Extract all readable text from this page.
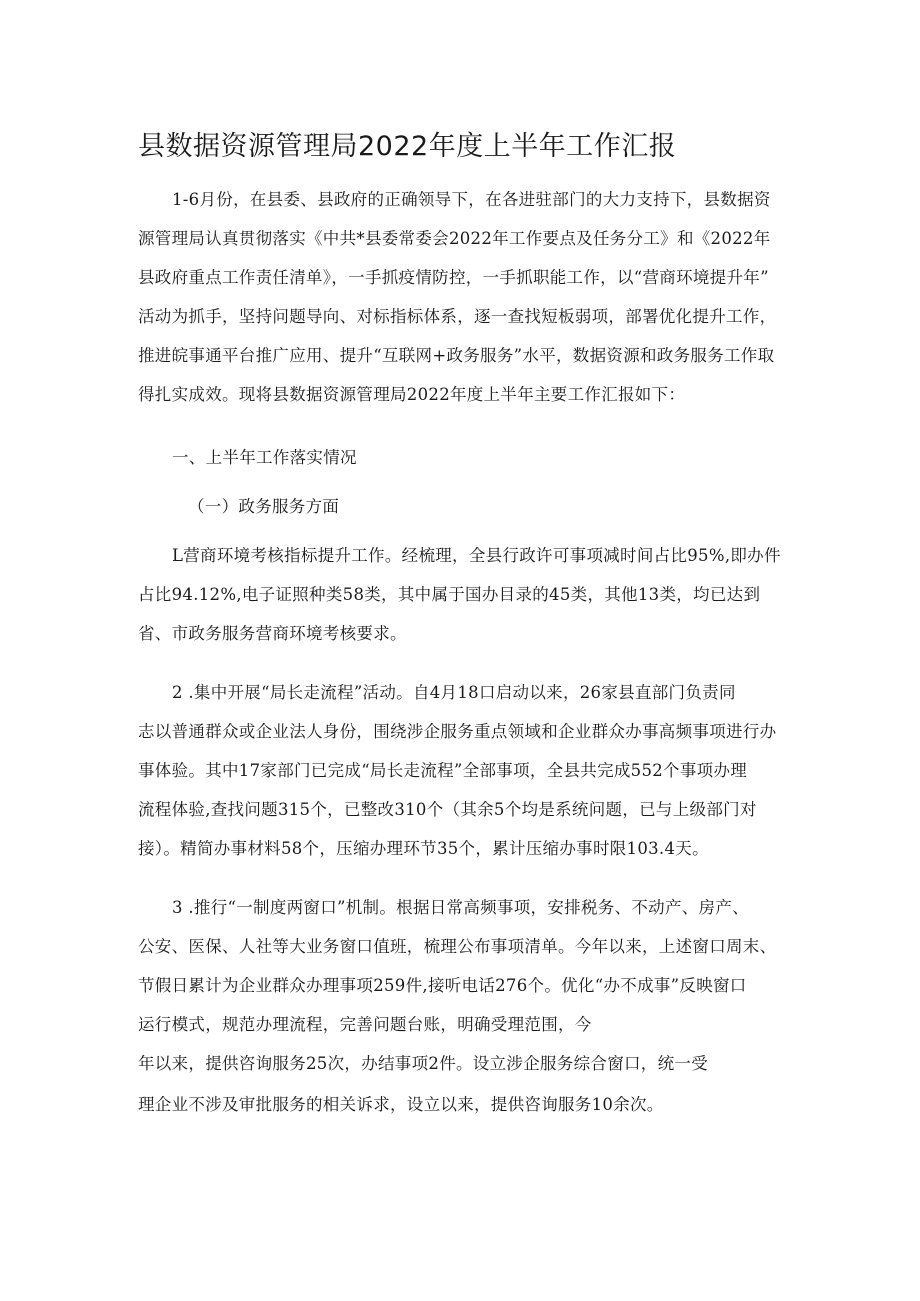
县数据资源管理局2022年度上半年工作汇报
1-6月份，在县委、县政府的正确领导下，在各进驻部门的大力支持下，县数据资
源管理局认真贯彻落实《中共*县委常委会2022年工作要点及任务分工》和《2022年
县政府重点工作责任清单》，一手抓疫情防控，一手抓职能工作，以“营商环境提升年”
活动为抓手，坚持问题导向、对标指标体系，逐一查找短板弱项，部署优化提升工作，
推进皖事通平台推广应用、提升“互联网+政务服务”水平，数据资源和政务服务工作取
得扎实成效。现将县数据资源管理局2022年度上半年主要工作汇报如下：
一、上半年工作落实情况
（一）政务服务方面
L营商环境考核指标提升工作。经梳理，全县行政许可事项减时间占比95%,即办件
占比94.12%,电子证照种类58类，其中属于国办目录的45类，其他13类，均已达到
省、市政务服务营商环境考核要求。
2 .集中开展“局长走流程”活动。自4月18口启动以来，26家县直部门负责同
志以普通群众或企业法人身份，围绕涉企服务重点领域和企业群众办事高频事项进行办
事体验。其中17家部门已完成“局长走流程”全部事项，全县共完成552个事项办理
流程体验,查找问题315个，已整改310个（其余5个均是系统问题，已与上级部门对
接）。精简办事材料58个，压缩办理环节35个，累计压缩办事时限103.4天。
3 .推行“一制度两窗口”机制。根据日常高频事项，安排税务、不动产、房产、
公安、医保、人社等大业务窗口值班，梳理公布事项清单。今年以来，上述窗口周末、
节假日累计为企业群众办理事项259件,接听电话276个。优化“办不成事”反映窗口
运行模式，规范办理流程，完善问题台账，明确受理范围，今
年以来，提供咨询服务25次，办结事项2件。设立涉企服务综合窗口，统一受
理企业不涉及审批服务的相关诉求，设立以来，提供咨询服务10余次。
